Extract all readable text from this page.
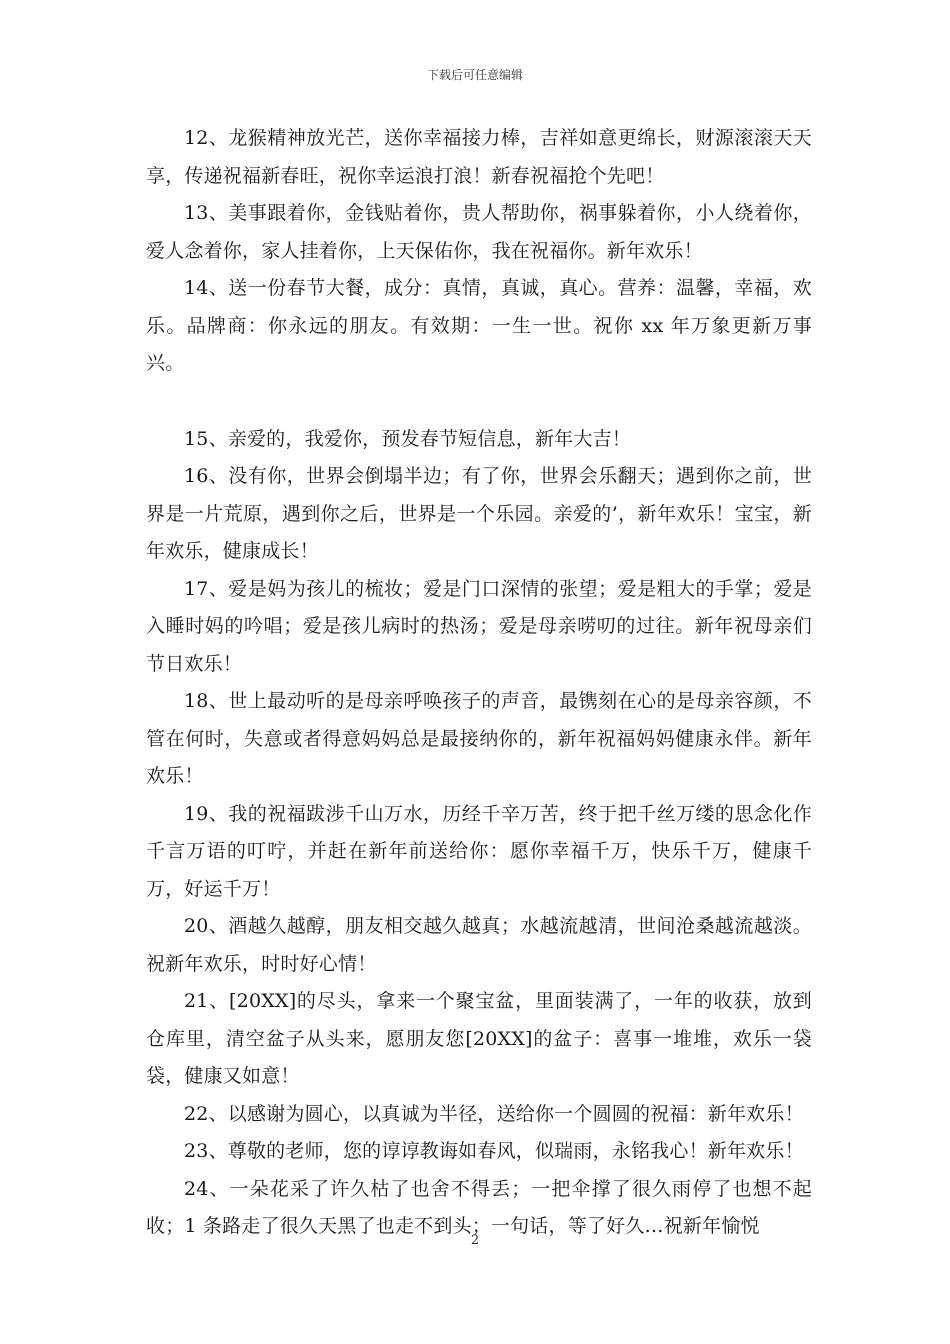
下载后可任意编辑

12、龙猴精神放光芒，送你幸福接力棒，吉祥如意更绵长，财源滚滚天天享，传递祝福新春旺，祝你幸运浪打浪！新春祝福抢个先吧！

13、美事跟着你，金钱贴着你，贵人帮助你，祸事躲着你，小人绕着你，爱人念着你，家人挂着你，上天保佑你，我在祝福你。新年欢乐！

14、送一份春节大餐，成分：真情，真诚，真心。营养：温馨，幸福，欢乐。品牌商：你永远的朋友。有效期：一生一世。祝你 xx 年万象更新万事兴。

15、亲爱的，我爱你，预发春节短信息，新年大吉！

16、没有你，世界会倒塌半边；有了你，世界会乐翻天；遇到你之前，世界是一片荒原，遇到你之后，世界是一个乐园。亲爱的’，新年欢乐！宝宝，新年欢乐，健康成长！

17、爱是妈为孩儿的梳妆；爱是门口深情的张望；爱是粗大的手掌；爱是入睡时妈的吟唱；爱是孩儿病时的热汤；爱是母亲唠叨的过往。新年祝母亲们节日欢乐！

18、世上最动听的是母亲呼唤孩子的声音，最镌刻在心的是母亲容颜，不管在何时，失意或者得意妈妈总是最接纳你的，新年祝福妈妈健康永伴。新年欢乐！

19、我的祝福跋涉千山万水，历经千辛万苦，终于把千丝万缕的思念化作千言万语的叮咛，并赶在新年前送给你：愿你幸福千万，快乐千万，健康千万，好运千万！

20、酒越久越醇，朋友相交越久越真；水越流越清，世间沧桑越流越淡。祝新年欢乐，时时好心情！

21、[20XX]的尽头，拿来一个聚宝盆，里面装满了，一年的收获，放到仓库里，清空盆子从头来，愿朋友您[20XX]的盆子：喜事一堆堆，欢乐一袋袋，健康又如意！

22、以感谢为圆心，以真诚为半径，送给你一个圆圆的祝福：新年欢乐！

23、尊敬的老师，您的谆谆教诲如春风，似瑞雨，永铭我心！新年欢乐！

24、一朵花采了许久枯了也舍不得丢；一把伞撑了很久雨停了也想不起收；1 条路走了很久天黑了也走不到头；一句话，等了好久…祝新年愉悦

2
